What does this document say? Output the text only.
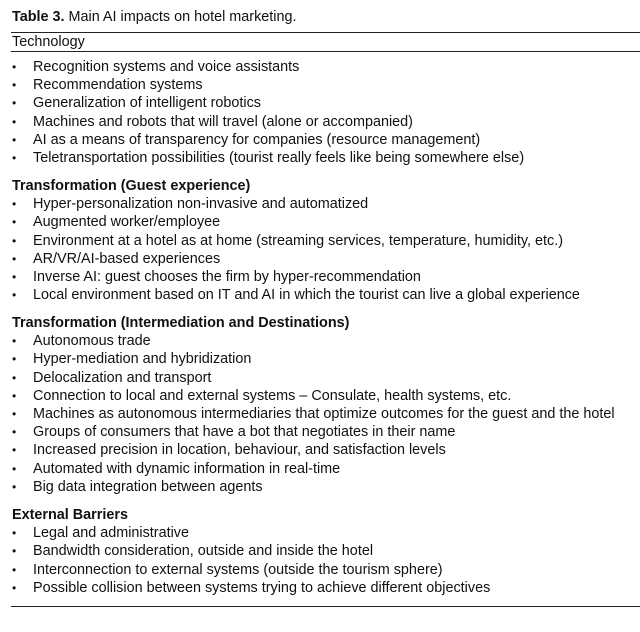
Table 3. Main AI impacts on hotel marketing.
Technology
• Recognition systems and voice assistants
• Recommendation systems
• Generalization of intelligent robotics
• Machines and robots that will travel (alone or accompanied)
• AI as a means of transparency for companies (resource management)
• Teletransportation possibilities (tourist really feels like being somewhere else)
Transformation (Guest experience)
• Hyper-personalization non-invasive and automatized
• Augmented worker/employee
• Environment at a hotel as at home (streaming services, temperature, humidity, etc.)
• AR/VR/AI-based experiences
• Inverse AI: guest chooses the firm by hyper-recommendation
• Local environment based on IT and AI in which the tourist can live a global experience
Transformation (Intermediation and Destinations)
• Autonomous trade
• Hyper-mediation and hybridization
• Delocalization and transport
• Connection to local and external systems – Consulate, health systems, etc.
• Machines as autonomous intermediaries that optimize outcomes for the guest and the hotel
• Groups of consumers that have a bot that negotiates in their name
• Increased precision in location, behaviour, and satisfaction levels
• Automated with dynamic information in real-time
• Big data integration between agents
External Barriers
• Legal and administrative
• Bandwidth consideration, outside and inside the hotel
• Interconnection to external systems (outside the tourism sphere)
• Possible collision between systems trying to achieve different objectives
